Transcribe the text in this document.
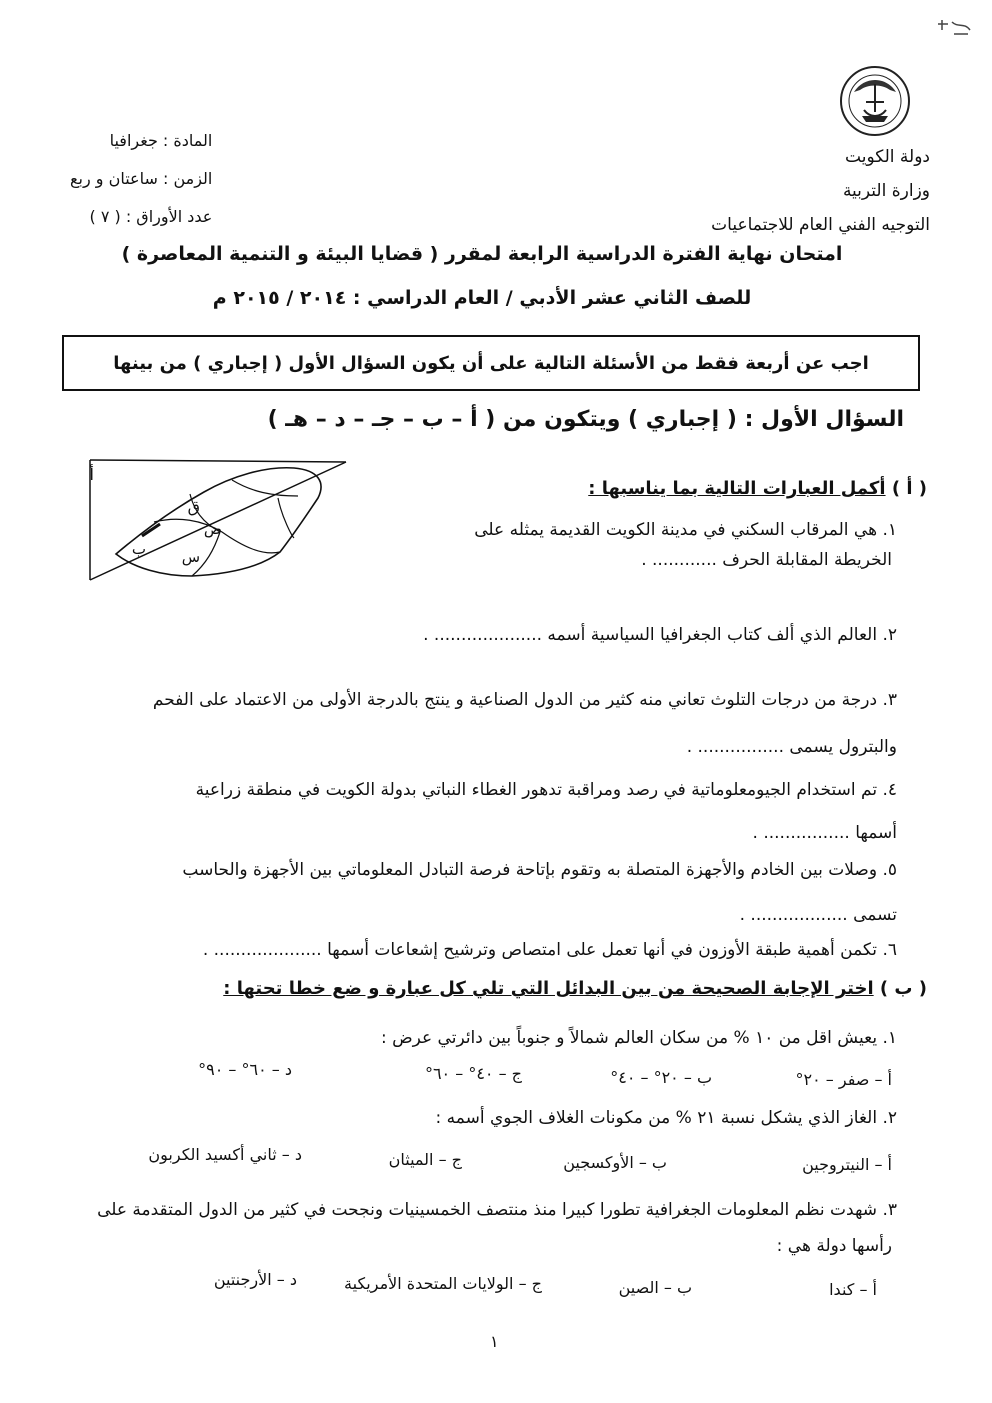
دولة الكويت
وزارة التربية
التوجيه الفني العام للاجتماعيات
المادة : جغرافيا
الزمن : ساعتان و ربع
عدد الأوراق : ( ٧ )
امتحان نهاية الفترة الدراسية الرابعة لمقرر ( قضايا البيئة و التنمية المعاصرة )
للصف الثاني عشر الأدبي / العام الدراسي : ٢٠١٤ / ٢٠١٥ م
اجب عن أربعة فقط من الأسئلة التالية على أن يكون السؤال الأول ( إجباري ) من بينها
السؤال الأول : ( إجباري ) ويتكون من ( أ – ب – جـ – د – هـ )
( أ ) أكمل العبارات التالية بما يناسبها :
أ
ق
ص
س
ب
١. هي المرقاب السكني في مدينة الكويت القديمة يمثله على
الخريطة المقابلة الحرف ............ .
٢. العالم الذي ألف كتاب الجغرافيا السياسية أسمه .................... .
٣. درجة من درجات التلوث تعاني منه كثير من الدول الصناعية و ينتج بالدرجة الأولى من الاعتماد على الفحم
والبترول يسمى ................ .
٤. تم استخدام الجيومعلوماتية في رصد ومراقبة تدهور الغطاء النباتي بدولة الكويت في منطقة زراعية
أسمها ................ .
٥. وصلات بين الخادم والأجهزة المتصلة به وتقوم بإتاحة فرصة التبادل المعلوماتي بين الأجهزة والحاسب
تسمى .................. .
٦. تكمن أهمية طبقة الأوزون في أنها تعمل على امتصاص وترشيح إشعاعات أسمها .................... .
( ب ) اختر الإجابة الصحيحة من بين البدائل التي تلي كل عبارة و ضع خطا تحتها :
١. يعيش اقل من ١٠ % من سكان العالم شمالاً و جنوباً بين دائرتي عرض :
أ – صفر – ٢٠°
ب – ٢٠° – ٤٠°
ج – ٤٠° – ٦٠°
د – ٦٠° – ٩٠°
٢. الغاز الذي يشكل نسبة ٢١ % من مكونات الغلاف الجوي أسمه :
أ – النيتروجين
ب – الأوكسجين
ج – الميثان
د – ثاني أكسيد الكربون
٣. شهدت نظم المعلومات الجغرافية تطورا كبيرا منذ منتصف الخمسينيات ونجحت في كثير من الدول المتقدمة على
رأسها دولة هي :
أ – كندا
ب – الصين
ج – الولايات المتحدة الأمريكية
د – الأرجنتين
١
